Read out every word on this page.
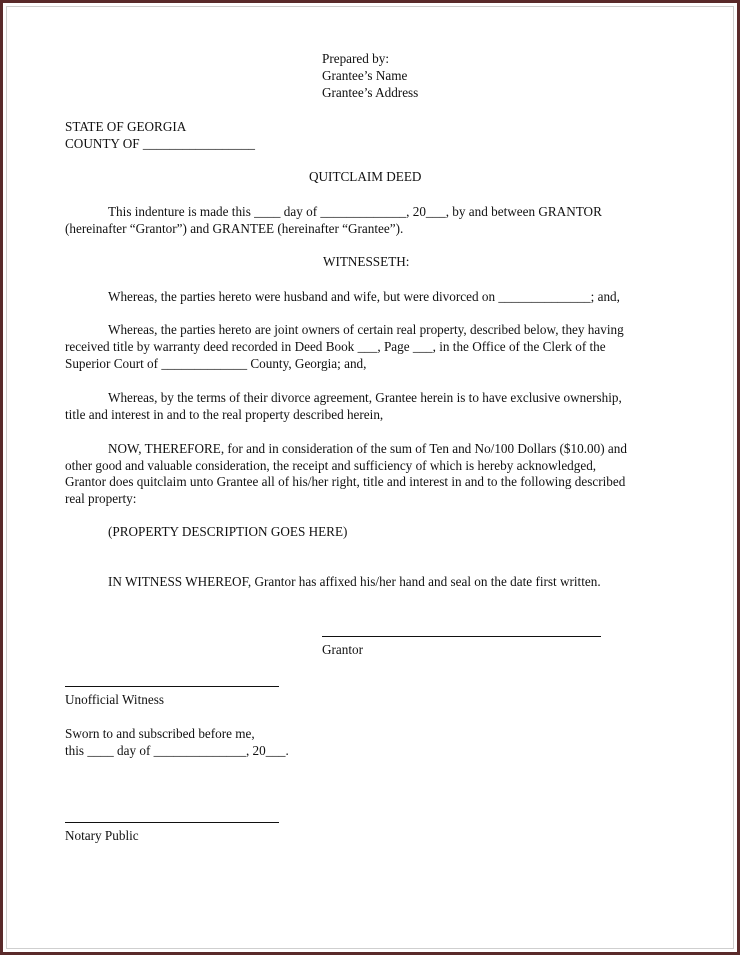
Prepared by:
Grantee’s Name
Grantee’s Address
STATE OF GEORGIA
COUNTY OF _________________
QUITCLAIM DEED
This indenture is made this ____ day of _____________, 20___, by and between GRANTOR
(hereinafter “Grantor”) and GRANTEE (hereinafter “Grantee”).
WITNESSETH:
Whereas, the parties hereto were husband and wife, but were divorced on ______________; and,
Whereas, the parties hereto are joint owners of certain real property, described below, they having
received title by warranty deed recorded in Deed Book ___, Page ___, in the Office of the Clerk of the
Superior Court of _____________ County, Georgia; and,
Whereas, by the terms of their divorce agreement, Grantee herein is to have exclusive ownership,
title and interest in and to the real property described herein,
NOW, THEREFORE, for and in consideration of the sum of Ten and No/100 Dollars ($10.00) and
other good and valuable consideration, the receipt and sufficiency of which is hereby acknowledged,
Grantor does quitclaim unto Grantee all of his/her right, title and interest in and to the following described
real property:
(PROPERTY DESCRIPTION GOES HERE)
IN WITNESS WHEREOF, Grantor has affixed his/her hand and seal on the date first written.
Grantor
Unofficial Witness
Sworn to and subscribed before me,
this ____ day of ______________, 20___.
Notary Public
